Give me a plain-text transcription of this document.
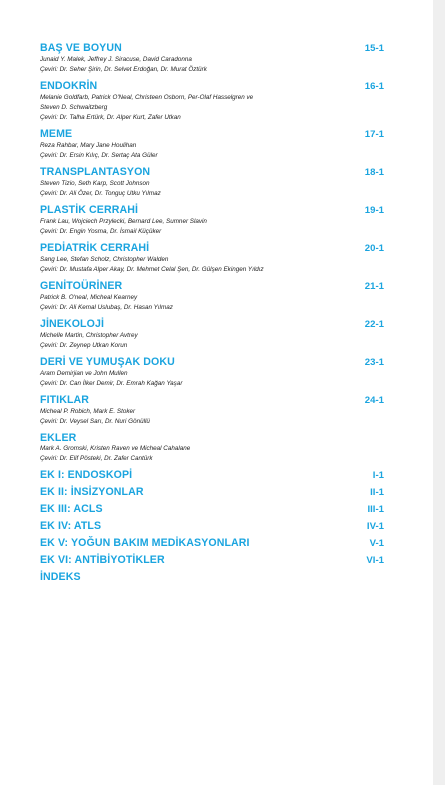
BAŞ VE BOYUN	15-1
Junaid Y. Malek, Jeffrey J. Siracuse, David Caradonna
Çeviri: Dr. Seher Şirin, Dr. Selvet Erdoğan, Dr. Murat Öztürk
ENDOKRİN	16-1
Melanie Goldfarb, Patrick O'Neal, Christeen Osborn, Per-Olaf Hasselgren ve
Steven D. Schwaitzberg
Çeviri: Dr. Talha Ertürk, Dr. Alper Kurt, Zafer Utkan
MEME	17-1
Reza Rahbar, Mary Jane Houlihan
Çeviri: Dr. Ersin Kılıç, Dr. Sertaç Ata Güler
TRANSPLANTASYON	18-1
Steven Tizio, Seth Karp, Scott Johnson
Çeviri: Dr. Ali Özer, Dr. Tonguç Utku Yılmaz
PLASTİK CERRAHİ	19-1
Frank Lau, Wojciech Przylecki, Bernard Lee, Sumner Slavin
Çeviri: Dr. Engin Yosma, Dr. İsmail Küçüker
PEDİATRİK CERRAHİ	20-1
Sang Lee, Stefan Scholz, Christopher Walden
Çeviri: Dr. Mustafa Alper Akay, Dr. Mehmet Celal Şen, Dr. Gülşen Ekingen Yıldız
GENİTOÜRİNER	21-1
Patrick B. O'neal, Micheal Kearney
Çeviri: Dr. Ali Kemal Uslubaş, Dr. Hasan Yılmaz
JİNEKOLOJİ	22-1
Michelle Martin, Christopher Avtrey
Çeviri: Dr. Zeynep Utkan Korun
DERİ VE YUMUŞAK DOKU	23-1
Aram Demirjian ve John Mullen
Çeviri: Dr. Can İlker Demir, Dr. Emrah Kağan Yaşar
FITIKLAR	24-1
Micheal P. Robich, Mark E. Stoker
Çeviri: Dr. Veysel Sarı, Dr. Nuri Gönüllü
EKLER
Mark A. Gromski, Kristen Raven ve Micheal Cahalane
Çeviri: Dr. Elif Pösteki, Dr. Zafer Cantürk
EK I: ENDOSKOPİ	I-1
EK II: İNSİZYONLAR	II-1
EK III: ACLS	III-1
EK IV: ATLS	IV-1
EK V: YOĞUN BAKIM MEDİKASYONLARI	V-1
EK VI: ANTİBİYOTİKLER	VI-1
İNDEKS
